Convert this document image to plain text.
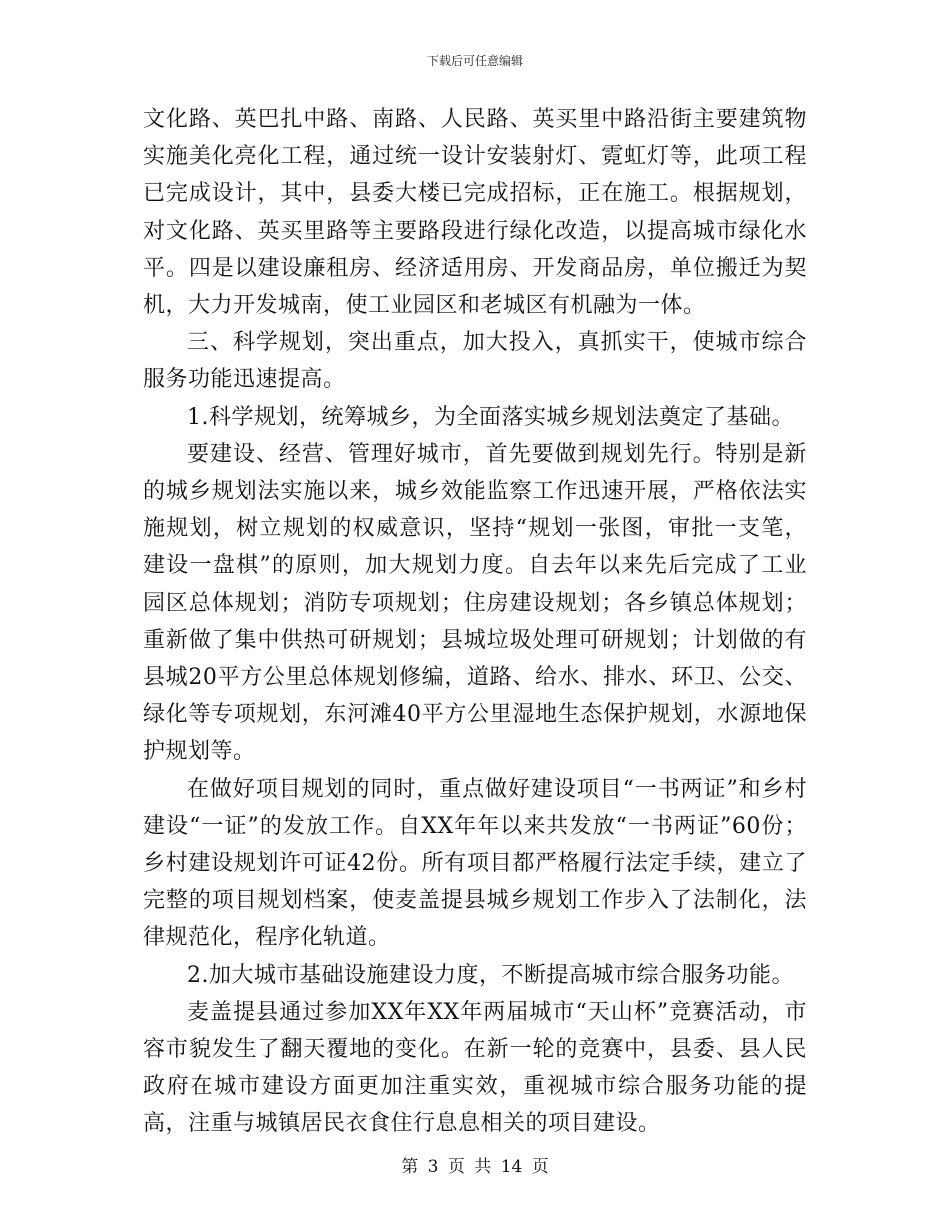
下载后可任意编辑

文化路、英巴扎中路、南路、人民路、英买里中路沿街主要建筑物实施美化亮化工程，通过统一设计安装射灯、霓虹灯等，此项工程已完成设计，其中，县委大楼已完成招标，正在施工。根据规划，对文化路、英买里路等主要路段进行绿化改造，以提高城市绿化水平。四是以建设廉租房、经济适用房、开发商品房，单位搬迁为契机，大力开发城南，使工业园区和老城区有机融为一体。

三、科学规划，突出重点，加大投入，真抓实干，使城市综合服务功能迅速提高。

1.科学规划，统筹城乡，为全面落实城乡规划法奠定了基础。

要建设、经营、管理好城市，首先要做到规划先行。特别是新的城乡规划法实施以来，城乡效能监察工作迅速开展，严格依法实施规划，树立规划的权威意识，坚持“规划一张图，审批一支笔，建设一盘棋”的原则，加大规划力度。自去年以来先后完成了工业园区总体规划；消防专项规划；住房建设规划；各乡镇总体规划；重新做了集中供热可研规划；县城垃圾处理可研规划；计划做的有县城20平方公里总体规划修编，道路、给水、排水、环卫、公交、绿化等专项规划，东河滩40平方公里湿地生态保护规划，水源地保护规划等。

在做好项目规划的同时，重点做好建设项目“一书两证”和乡村建设“一证”的发放工作。自XX年年以来共发放“一书两证”60份；乡村建设规划许可证42份。所有项目都严格履行法定手续，建立了完整的项目规划档案，使麦盖提县城乡规划工作步入了法制化，法律规范化，程序化轨道。

2.加大城市基础设施建设力度，不断提高城市综合服务功能。

麦盖提县通过参加XX年XX年两届城市“天山杯”竞赛活动，市容市貌发生了翻天覆地的变化。在新一轮的竞赛中，县委、县人民政府在城市建设方面更加注重实效，重视城市综合服务功能的提高，注重与城镇居民衣食住行息息相关的项目建设。

第 3 页 共 14 页
